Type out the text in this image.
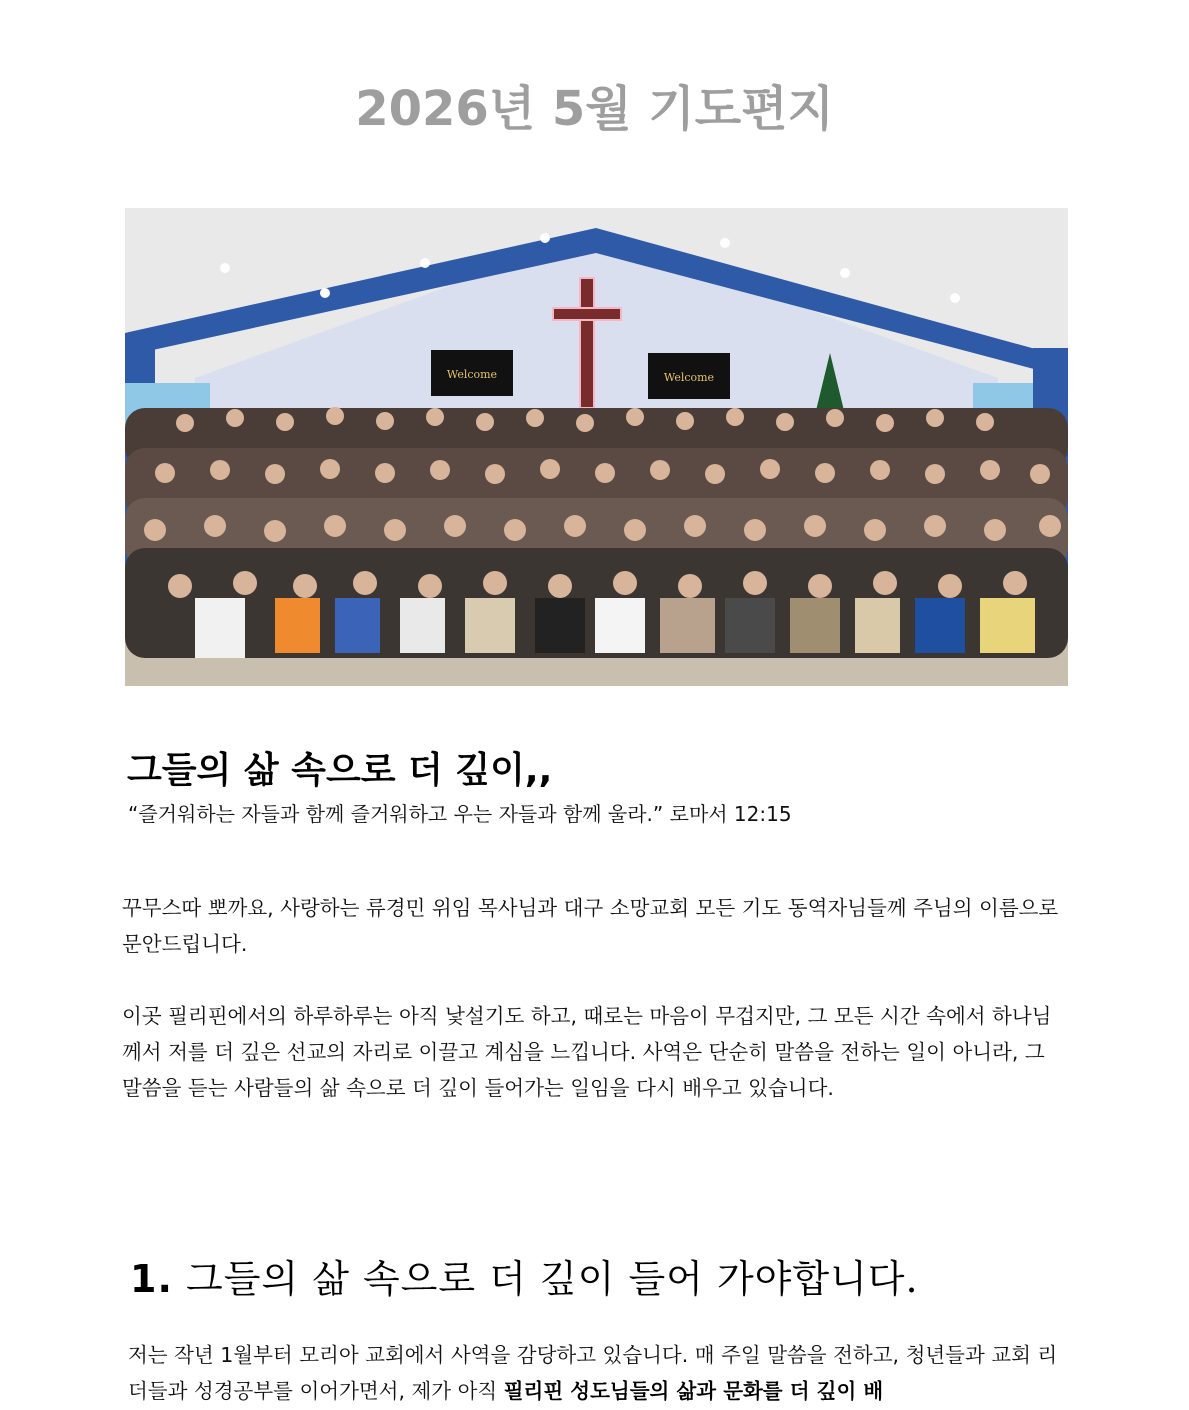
2026년 5월 기도편지
Welcome	Welcome
그들의 삶 속으로 더 깊이,,
“즐거워하는 자들과 함께 즐거워하고 우는 자들과 함께 울라.” 로마서 12:15

꾸무스따 뽀까요, 사랑하는 류경민 위임 목사님과 대구 소망교회 모든 기도 동역자님들께 주님의 이름으로 문안드립니다.

이곳 필리핀에서의 하루하루는 아직 낯설기도 하고, 때로는 마음이 무겁지만, 그 모든 시간 속에서 하나님께서 저를 더 깊은 선교의 자리로 이끌고 계심을 느낍니다. 사역은 단순히 말씀을 전하는 일이 아니라, 그 말씀을 듣는 사람들의 삶 속으로 더 깊이 들어가는 일임을 다시 배우고 있습니다.

1. 그들의 삶 속으로 더 깊이 들어 가야합니다.

저는 작년 1월부터 모리아 교회에서 사역을 감당하고 있습니다. 매 주일 말씀을 전하고, 청년들과 교회 리더들과 성경공부를 이어가면서, 제가 아직 필리핀 성도님들의 삶과 문화를 더 깊이 배
